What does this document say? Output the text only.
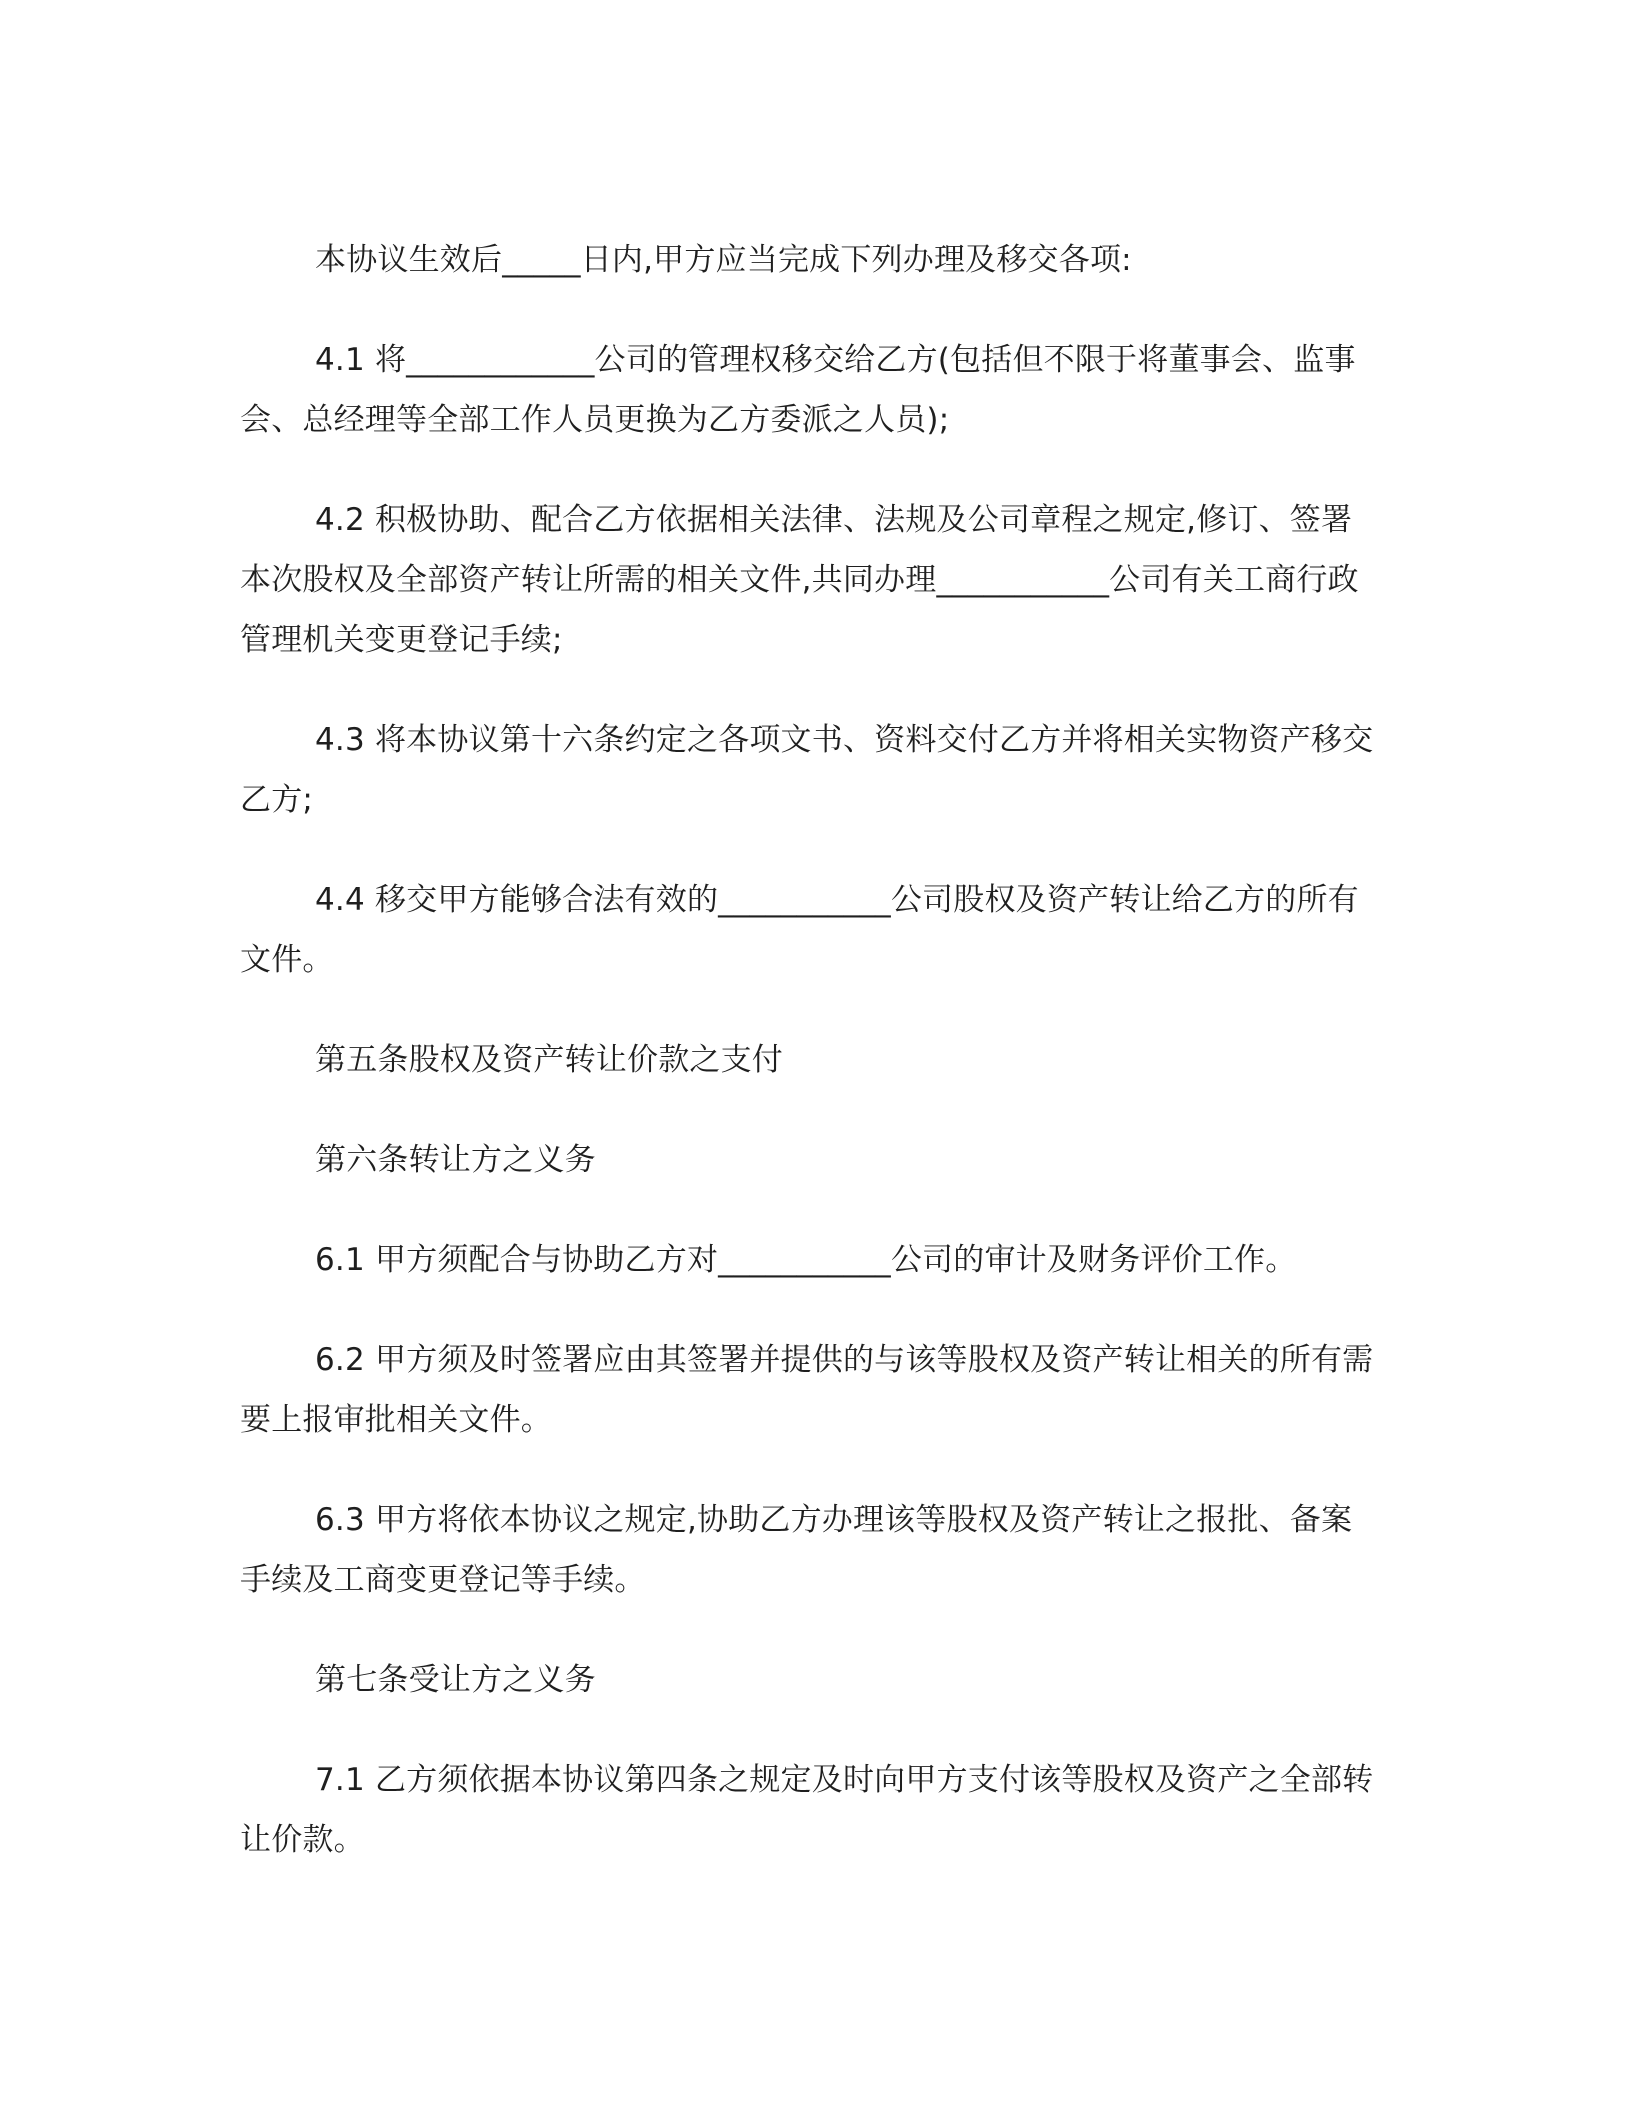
本协议生效后_____日内,甲方应当完成下列办理及移交各项:

4.1 将____________公司的管理权移交给乙方(包括但不限于将董事会、监事会、总经理等全部工作人员更换为乙方委派之人员);

4.2 积极协助、配合乙方依据相关法律、法规及公司章程之规定,修订、签署本次股权及全部资产转让所需的相关文件,共同办理___________公司有关工商行政管理机关变更登记手续;

4.3 将本协议第十六条约定之各项文书、资料交付乙方并将相关实物资产移交乙方;

4.4 移交甲方能够合法有效的___________公司股权及资产转让给乙方的所有文件。

第五条股权及资产转让价款之支付

第六条转让方之义务

6.1 甲方须配合与协助乙方对___________公司的审计及财务评价工作。

6.2 甲方须及时签署应由其签署并提供的与该等股权及资产转让相关的所有需要上报审批相关文件。

6.3 甲方将依本协议之规定,协助乙方办理该等股权及资产转让之报批、备案手续及工商变更登记等手续。

第七条受让方之义务

7.1 乙方须依据本协议第四条之规定及时向甲方支付该等股权及资产之全部转让价款。
